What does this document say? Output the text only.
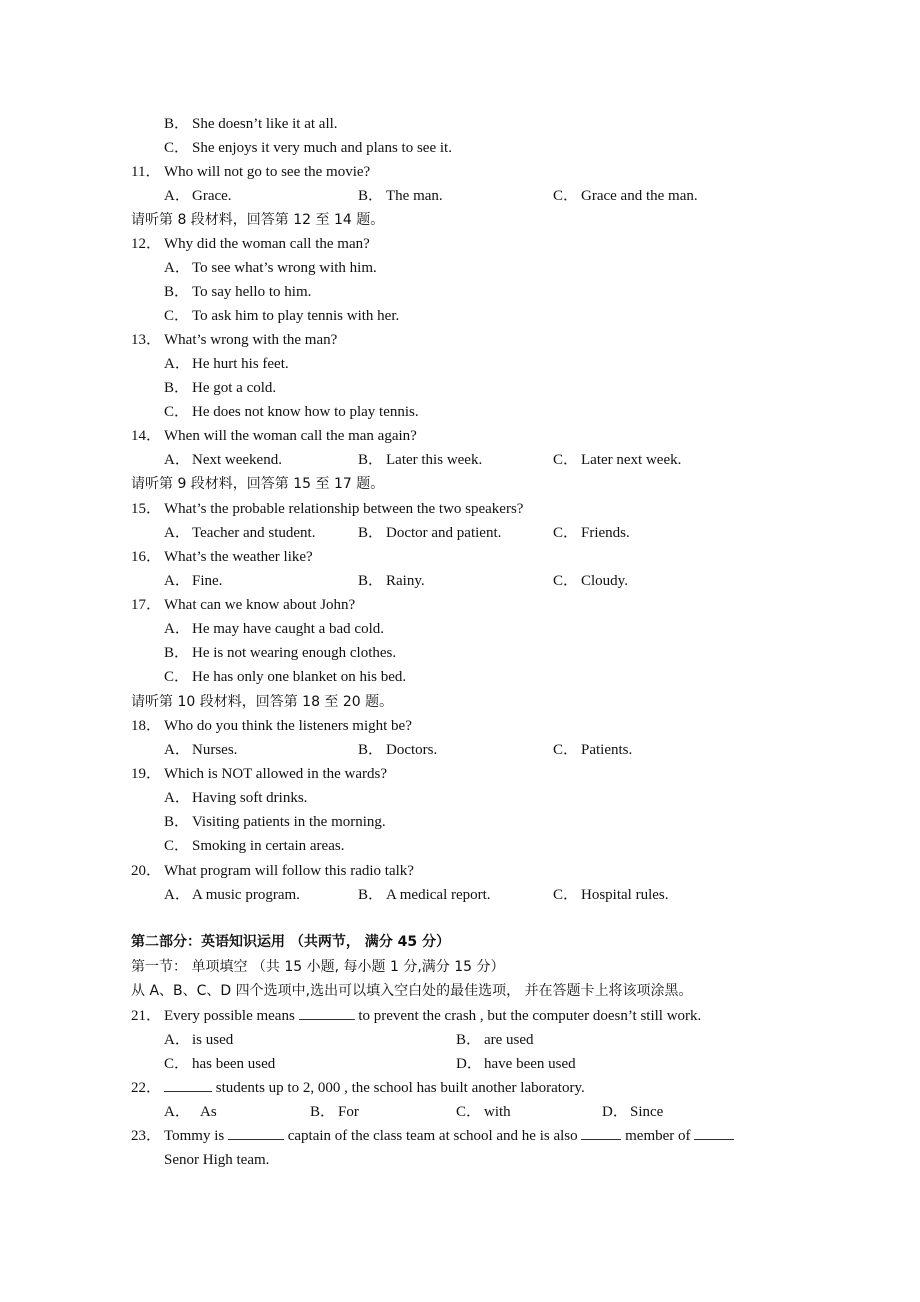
B． She doesn’t like it at all.
C． She enjoys it very much and plans to see it.
11． Who will not go to see the movie?
A． Grace.	B． The man.	C． Grace and the man.
请听第 8 段材料，回答第 12 至 14 题。
12． Why did the woman call the man?
A． To see what’s wrong with him.
B． To say hello to him.
C． To ask him to play tennis with her.
13． What’s wrong with the man?
A． He hurt his feet.
B． He got a cold.
C． He does not know how to play tennis.
14． When will the woman call the man again?
A． Next weekend.	B． Later this week.	C． Later next week.
请听第 9 段材料，回答第 15 至 17 题。
15． What’s the probable relationship between the two speakers?
A． Teacher and student.	B． Doctor and patient.	C． Friends.
16． What’s the weather like?
A． Fine.	B． Rainy.	C． Cloudy.
17． What can we know about John?
A． He may have caught a bad cold.
B． He is not wearing enough clothes.
C． He has only one blanket on his bed.
请听第 10 段材料，回答第 18 至 20 题。
18． Who do you think the listeners might be?
A． Nurses.	B． Doctors.	C． Patients.
19． Which is NOT allowed in the wards?
A． Having soft drinks.
B． Visiting patients in the morning.
C． Smoking in certain areas.
20． What program will follow this radio talk?
A． A music program.	B． A medical report.	C． Hospital rules.
第二部分：英语知识运用 （共两节， 满分 45 分）
第一节： 单项填空 （共 15 小题, 每小题 1 分,满分 15 分）
从 A、B、C、D 四个选项中,选出可以填入空白处的最佳选项， 并在答题卡上将该项涂黑。
21． Every possible means	to prevent the crash , but the computer doesn’t still work.
A． is used	B． are used
C． has been used	D． have been used
22．	students up to 2, 000 , the school has built another laboratory.
A． As	B． For	C． with	D． Since
23． Tommy is	captain of the class team at school and he is also	member of
Senor High team.
